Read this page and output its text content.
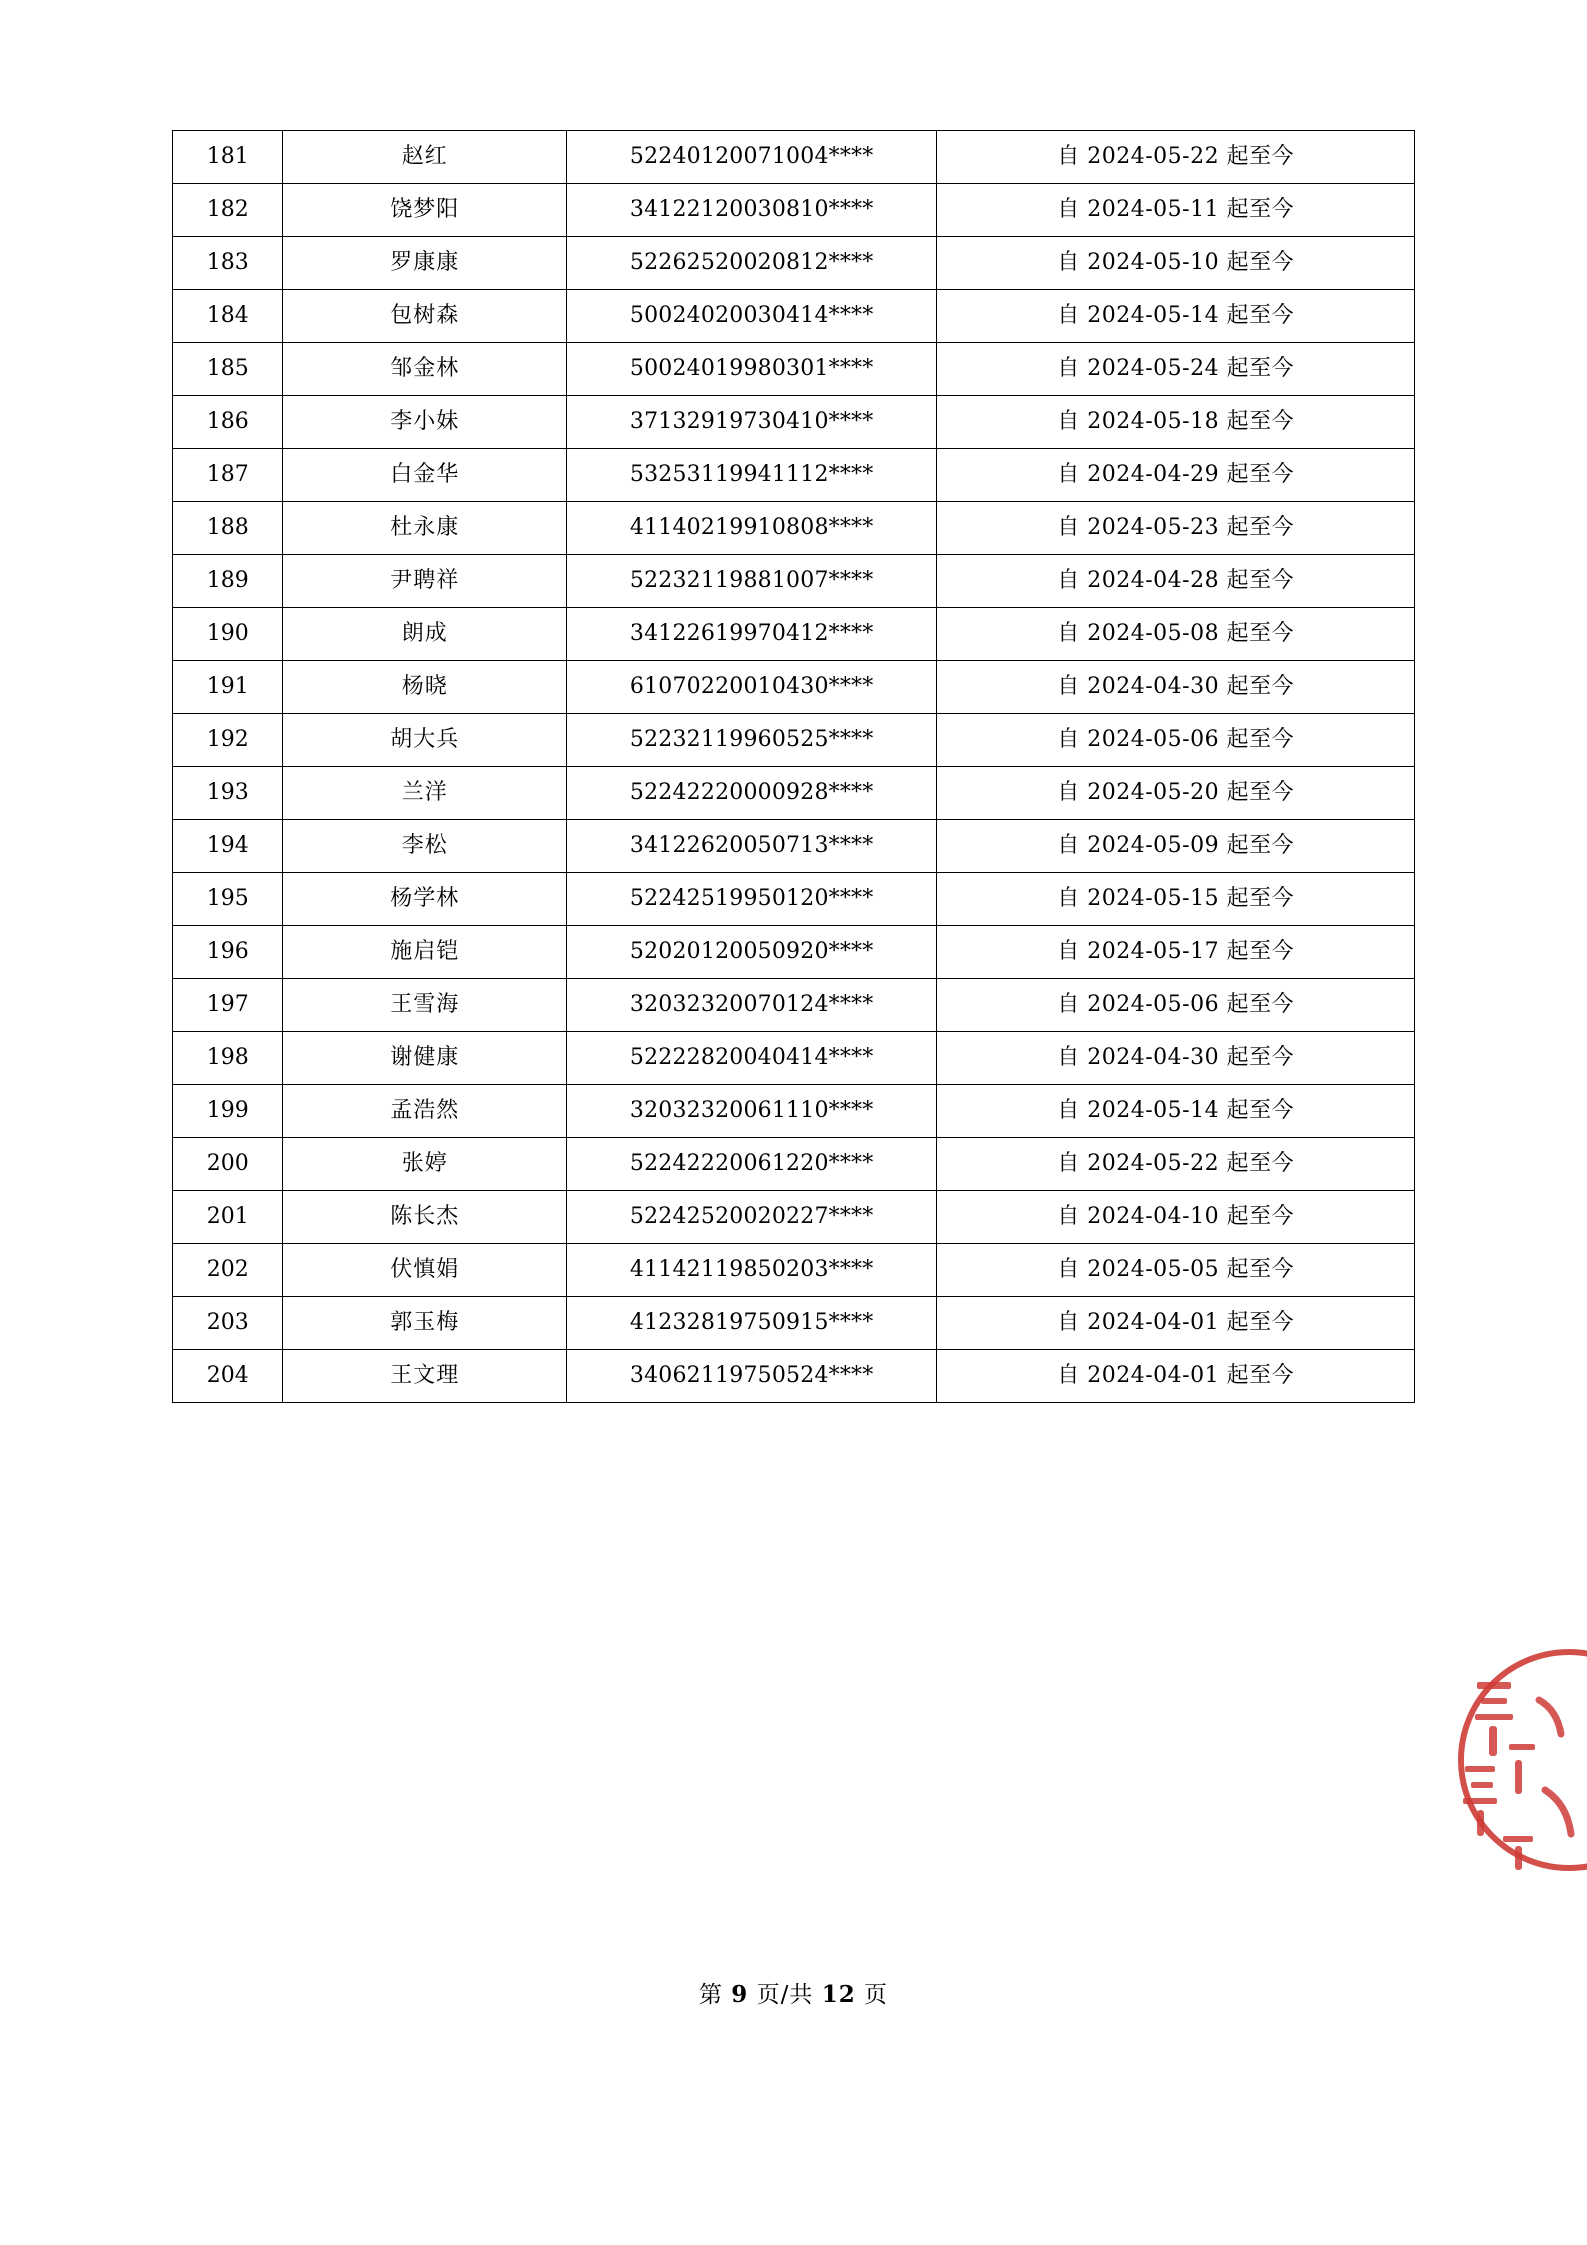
181	赵红	52240120071004****	自 2024-05-22 起至今
182	饶梦阳	34122120030810****	自 2024-05-11 起至今
183	罗康康	52262520020812****	自 2024-05-10 起至今
184	包树森	50024020030414****	自 2024-05-14 起至今
185	邹金林	50024019980301****	自 2024-05-24 起至今
186	李小妹	37132919730410****	自 2024-05-18 起至今
187	白金华	53253119941112****	自 2024-04-29 起至今
188	杜永康	41140219910808****	自 2024-05-23 起至今
189	尹聘祥	52232119881007****	自 2024-04-28 起至今
190	朗成	34122619970412****	自 2024-05-08 起至今
191	杨晓	61070220010430****	自 2024-04-30 起至今
192	胡大兵	52232119960525****	自 2024-05-06 起至今
193	兰洋	52242220000928****	自 2024-05-20 起至今
194	李松	34122620050713****	自 2024-05-09 起至今
195	杨学林	52242519950120****	自 2024-05-15 起至今
196	施启铠	52020120050920****	自 2024-05-17 起至今
197	王雪海	32032320070124****	自 2024-05-06 起至今
198	谢健康	52222820040414****	自 2024-04-30 起至今
199	孟浩然	32032320061110****	自 2024-05-14 起至今
200	张婷	52242220061220****	自 2024-05-22 起至今
201	陈长杰	52242520020227****	自 2024-04-10 起至今
202	伏慎娟	41142119850203****	自 2024-05-05 起至今
203	郭玉梅	41232819750915****	自 2024-04-01 起至今
204	王文理	34062119750524****	自 2024-04-01 起至今
第 9 页/共 12 页
